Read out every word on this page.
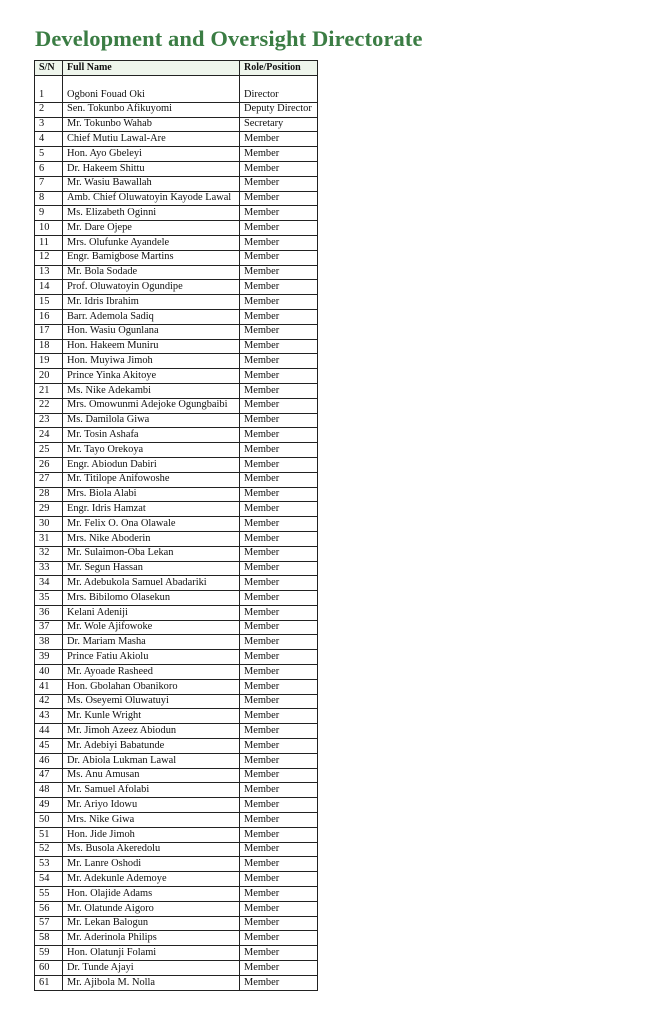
Development and Oversight Directorate
S/N	Full Name	Role/Position

1	Ogboni Fouad Oki	Director
2	Sen. Tokunbo Afikuyomi	Deputy Director
3	Mr. Tokunbo Wahab	Secretary
4	Chief Mutiu Lawal-Are	Member
5	Hon. Ayo Gbeleyi	Member
6	Dr. Hakeem Shittu	Member
7	Mr. Wasiu Bawallah	Member
8	Amb. Chief Oluwatoyin Kayode Lawal	Member
9	Ms. Elizabeth Oginni	Member
10	Mr. Dare Ojepe	Member
11	Mrs. Olufunke Ayandele	Member
12	Engr. Bamigbose Martins	Member
13	Mr. Bola Sodade	Member
14	Prof. Oluwatoyin Ogundipe	Member
15	Mr. Idris Ibrahim	Member
16	Barr. Ademola Sadiq	Member
17	Hon. Wasiu Ogunlana	Member
18	Hon. Hakeem Muniru	Member
19	Hon. Muyiwa Jimoh	Member
20	Prince Yinka Akitoye	Member
21	Ms. Nike Adekambi	Member
22	Mrs. Omowunmi Adejoke Ogungbaibi	Member
23	Ms. Damilola Giwa	Member
24	Mr. Tosin Ashafa	Member
25	Mr. Tayo Orekoya	Member
26	Engr. Abiodun Dabiri	Member
27	Mr. Titilope Anifowoshe	Member
28	Mrs. Biola Alabi	Member
29	Engr. Idris Hamzat	Member
30	Mr. Felix O. Ona Olawale	Member
31	Mrs. Nike Aboderin	Member
32	Mr. Sulaimon-Oba Lekan	Member
33	Mr. Segun Hassan	Member
34	Mr. Adebukola Samuel Abadariki	Member
35	Mrs. Bibilomo Olasekun	Member
36	Kelani Adeniji	Member
37	Mr. Wole Ajifowoke	Member
38	Dr. Mariam Masha	Member
39	Prince Fatiu Akiolu	Member
40	Mr. Ayoade Rasheed	Member
41	Hon. Gbolahan Obanikoro	Member
42	Ms. Oseyemi Oluwatuyi	Member
43	Mr. Kunle Wright	Member
44	Mr. Jimoh Azeez Abiodun	Member
45	Mr. Adebiyi Babatunde	Member
46	Dr. Abiola Lukman Lawal	Member
47	Ms. Anu Amusan	Member
48	Mr. Samuel Afolabi	Member
49	Mr. Ariyo Idowu	Member
50	Mrs. Nike Giwa	Member
51	Hon. Jide Jimoh	Member
52	Ms. Busola Akeredolu	Member
53	Mr. Lanre Oshodi	Member
54	Mr. Adekunle Ademoye	Member
55	Hon. Olajide Adams	Member
56	Mr. Olatunde Aigoro	Member
57	Mr. Lekan Balogun	Member
58	Mr. Aderinola Philips	Member
59	Hon. Olatunji Folami	Member
60	Dr. Tunde Ajayi	Member
61	Mr. Ajibola M. Nolla	Member
